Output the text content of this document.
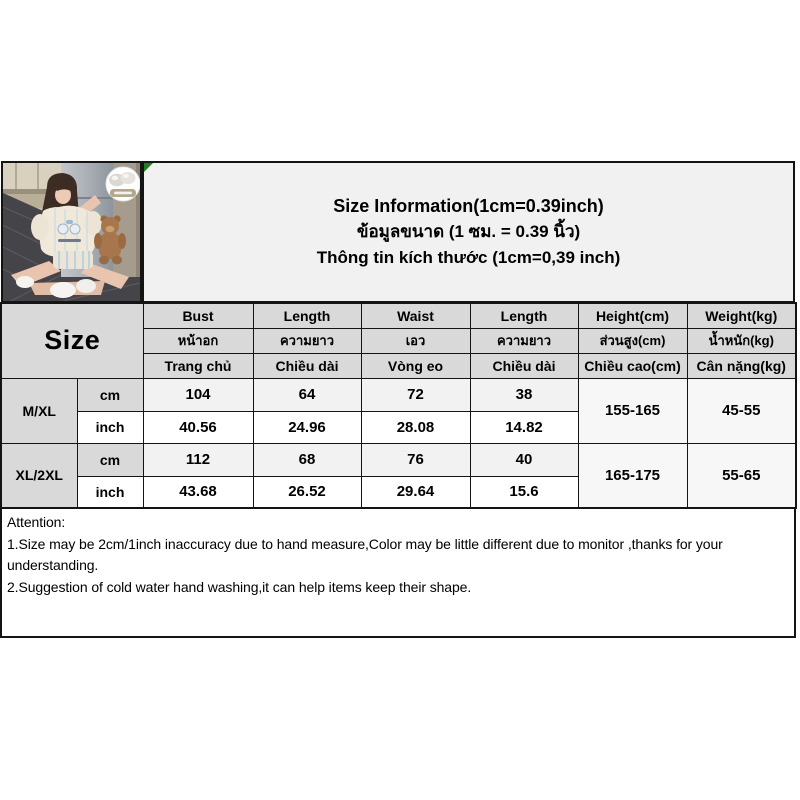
Size Information(1cm=0.39inch)
ข้อมูลขนาด (1 ซม. = 0.39 นิ้ว)
Thông tin kích thước (1cm=0,39 inch)
Size		Bust	Length	Waist	Length	Height(cm)	Weight(kg)
		หน้าอก	ความยาว	เอว	ความยาว	ส่วนสูง(cm)	น้ำหนัก(kg)
		Trang chủ	Chiều dài	Vòng eo	Chiều dài	Chiều cao(cm)	Cân nặng(kg)
M/XL	cm	104	64	72	38	155-165	45-55
	inch	40.56	24.96	28.08	14.82		
XL/2XL	cm	112	68	76	40	165-175	55-65
	inch	43.68	26.52	29.64	15.6		

Attention:

1.Size may be 2cm/1inch inaccuracy due to hand measure,Color may be little different due to monitor ,thanks for your understanding.

2.Suggestion of cold water hand washing,it can help items keep their shape.
